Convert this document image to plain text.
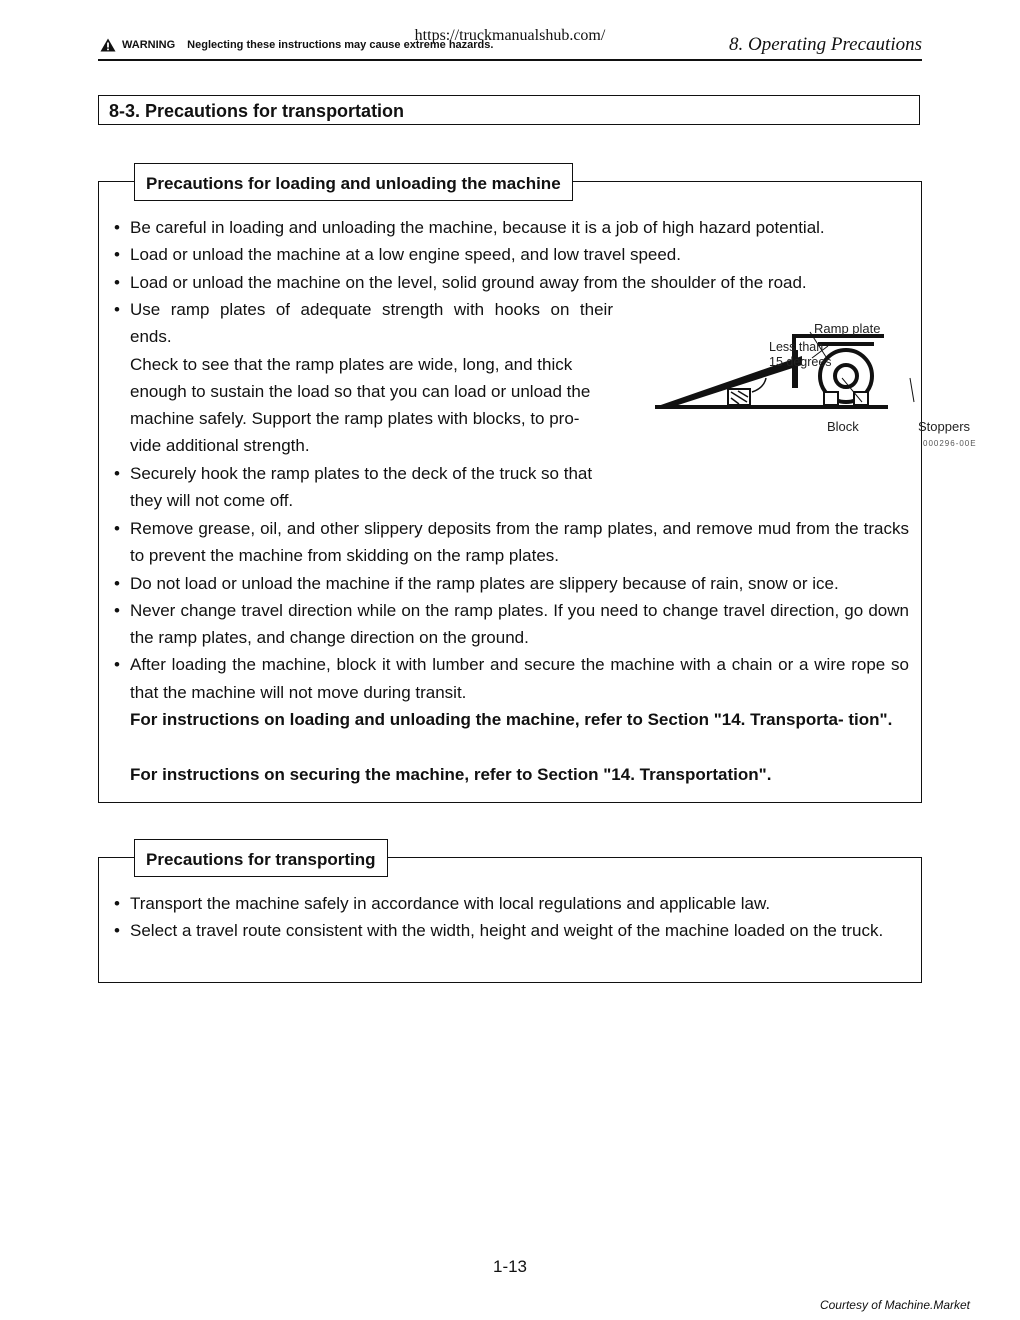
https://truckmanualshub.com/
WARNING Neglecting these instructions may cause extreme hazards.	8. Operating Precautions
8-3. Precautions for transportation
Precautions for loading and unloading the machine
• Be careful in loading and unloading the machine, because it is a job of high hazard potential.
• Load or unload the machine at a low engine speed, and low travel speed.
• Load or unload the machine on the level, solid ground away from the shoulder of the road.
• Use ramp plates of adequate strength with hooks on their
ends.
Check to see that the ramp plates are wide, long, and thick
enough to sustain the load so that you can load or unload the
machine safely. Support the ramp plates with blocks, to pro-
vide additional strength.
• Securely hook the ramp plates to the deck of the truck so that
they will not come off.
Ramp plate
Less than
15 degrees
Block	Stoppers
000296-00E
• Remove grease, oil, and other slippery deposits from the ramp plates, and remove mud from the tracks to prevent the machine from skidding on the ramp plates.
• Do not load or unload the machine if the ramp plates are slippery because of rain, snow or ice.
• Never change travel direction while on the ramp plates. If you need to change travel direction, go down the ramp plates, and change direction on the ground.
• After loading the machine, block it with lumber and secure the machine with a chain or a wire rope so that the machine will not move during transit.
For instructions on loading and unloading the machine, refer to Section "14. Transporta- tion".
For instructions on securing the machine, refer to Section "14. Transportation".
Precautions for transporting
• Transport the machine safely in accordance with local regulations and applicable law.
• Select a travel route consistent with the width, height and weight of the machine loaded on the truck.
1-13
Courtesy of Machine.Market
